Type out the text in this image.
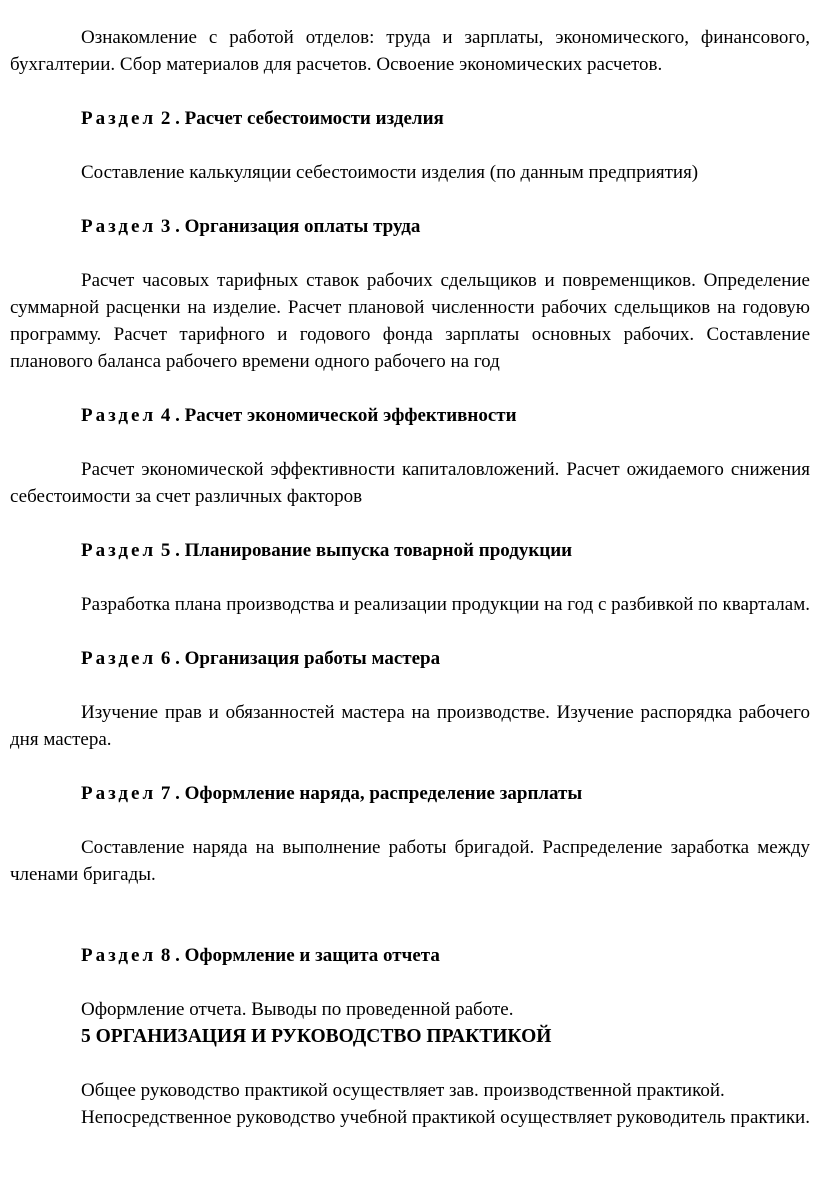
Ознакомление с работой отделов: труда и зарплаты, экономического, финансового, бухгалтерии. Сбор материалов для расчетов. Освоение экономических расчетов.

Раздел 2 . Расчет себестоимости изделия

Составление калькуляции себестоимости изделия (по данным предприятия)

Раздел 3 . Организация оплаты труда

Расчет часовых тарифных ставок рабочих сдельщиков и повременщиков. Определение суммарной расценки на изделие. Расчет плановой численности рабочих сдельщиков на годовую программу. Расчет тарифного и годового фонда зарплаты основных рабочих. Составление планового баланса рабочего времени одного рабочего на год

Раздел 4 . Расчет экономической эффективности

Расчет экономической эффективности капиталовложений. Расчет ожидаемого снижения себестоимости за счет различных факторов

Раздел 5 . Планирование выпуска товарной продукции

Разработка плана производства и реализации продукции на год с разбивкой по кварталам.

Раздел 6 . Организация работы мастера

Изучение прав и обязанностей мастера на производстве. Изучение распорядка рабочего дня мастера.

Раздел 7 . Оформление наряда, распределение зарплаты

Составление наряда на выполнение работы бригадой. Распределение заработка между членами бригады.

Раздел 8 . Оформление и защита отчета

Оформление отчета. Выводы по проведенной работе.

5 ОРГАНИЗАЦИЯ И РУКОВОДСТВО ПРАКТИКОЙ

Общее руководство практикой осуществляет зав. производственной практикой.

Непосредственное руководство учебной практикой осуществляет руководитель практики.
